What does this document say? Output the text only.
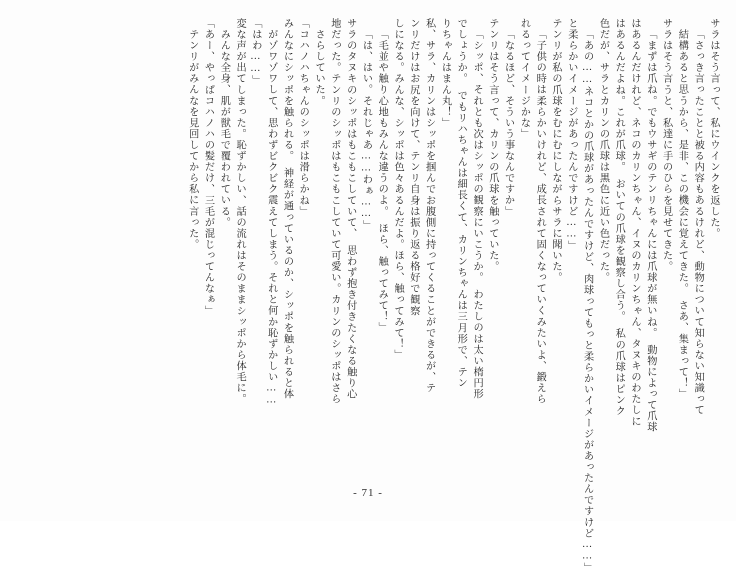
サラはそう言って、私にウインクを返した。
「さっき言ったことと被る内容もあるけれど、動物について知らない知識って
結構あると思うから、是非、この機会に覚えてきた。　さあ、集まって！」
サラはそう言うと、私達に手のひらを見せてきた。
「まずは爪ね。でもウサギのテンリちゃんには爪球が無いね。　動物によって爪球
はあるんだけれど、ネコのカリンちゃん、イヌのカリンちゃん、タヌキのわたしに
はあるんだよね。これが爪球。　おいての爪球を観察し合う。　私の爪球はピンク
色だが、サラとカリンの爪球は黒色に近い色だった。
「あの……ネコとかの爪球があったんですけど、肉球ってもっと柔らかいイメージがあったんですけど……」
と柔らかいイメージがあったんですけど……」
テンリが私の爪球をむにむにしながらサラに聞いた。
「子供の時は柔らかいけれど、成長されて固くなっていくみたいよ、鍛えら
れるってイメージかな」
「なるほど、そういう事なんですか」
テンリはそう言って、カリンの爪球を触っていた。
「シッポ、それとも次はシッポの観察にいこうか。　わたしのは太い楕円形
でしょうか。　でもリハちゃんは細長くて、カリンちゃんは三月形で、テン
りちゃんはまん丸！」
私、サラ、カリンはシッポを掴んでお腹側に持ってくることができるが、テ
ンリだけはお尻を向けて、テンリ自身は振り返る格好で観察
しになる。みんな、シッポは色々あるんだよ。ほら、触ってみて！」
「毛並や触り心地もみんな違うのよ。　ほら、触ってみて！」
「は、はい。それじゃあ……わぁ……」
サラのタヌキのシッポはもこもこしていて、　思わず抱き付きたくなる触り心
地だった。テンリのシッポはもこもこしていて可愛い。カリンのシッポはさら
さらしていた。
「コハノハちゃんのシッポは滑らかね」
みんなにシッポを触られる。　神経が通っているのか、シッポを触られると体
がゾワゾワして、思わずビクビク震えてしまう。それと何か恥ずかしい……
「はわ……」
変な声が出てしまった。恥ずかしい、話の流れはそのままシッポから体毛に。
みんな全身、肌が獣毛で覆われている。
「あー、やっぱコハノハの髪だけ、三毛が混じってんなぁ」
テンリがみんなを見回してから私に言った。
- 71 -
